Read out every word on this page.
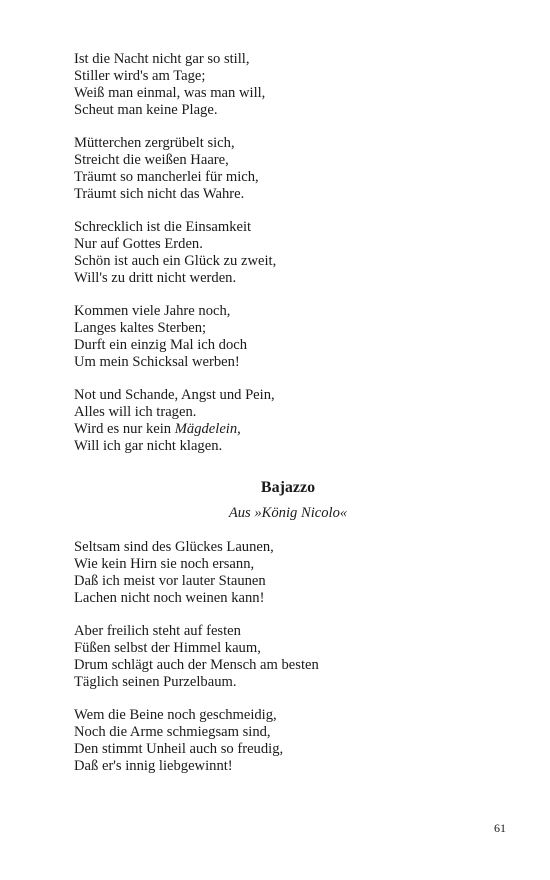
Ist die Nacht nicht gar so still,
Stiller wird's am Tage;
Weiß man einmal, was man will,
Scheut man keine Plage.
Mütterchen zergrübelt sich,
Streicht die weißen Haare,
Träumt so mancherlei für mich,
Träumt sich nicht das Wahre.
Schrecklich ist die Einsamkeit
Nur auf Gottes Erden.
Schön ist auch ein Glück zu zweit,
Will's zu dritt nicht werden.
Kommen viele Jahre noch,
Langes kaltes Sterben;
Durft ein einzig Mal ich doch
Um mein Schicksal werben!
Not und Schande, Angst und Pein,
Alles will ich tragen.
Wird es nur kein Mägdelein,
Will ich gar nicht klagen.
Bajazzo
Aus »König Nicolo«
Seltsam sind des Glückes Launen,
Wie kein Hirn sie noch ersann,
Daß ich meist vor lauter Staunen
Lachen nicht noch weinen kann!
Aber freilich steht auf festen
Füßen selbst der Himmel kaum,
Drum schlägt auch der Mensch am besten
Täglich seinen Purzelbaum.
Wem die Beine noch geschmeidig,
Noch die Arme schmiegsam sind,
Den stimmt Unheil auch so freudig,
Daß er's innig liebgewinnt!
61
